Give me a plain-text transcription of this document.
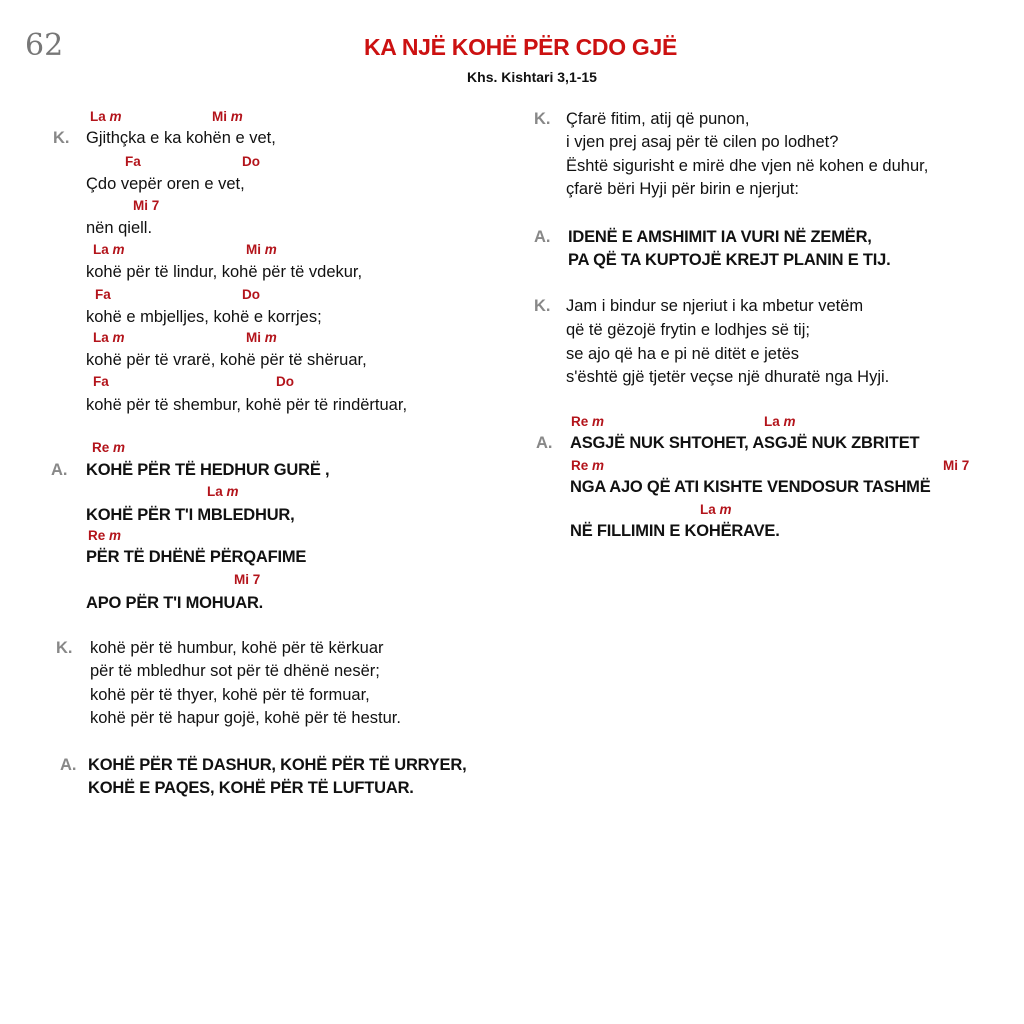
62	KA NJË KOHË PËR CDO GJË
Khs. Kishtari 3,1-15
La m	Mi m
K. Gjithçka e ka kohën e vet,
Fa	Do
Çdo vepër oren e vet,
Mi 7
nën qiell.
La m	Mi m
kohë për të lindur, kohë për të vdekur,
Fa	Do
kohë e mbjelljes, kohë e korrjes;
La m	Mi m
kohë për të vrarë, kohë për të shëruar,
Fa	Do
kohë për të shembur, kohë për të rindërtuar,
Re m
A. KOHË PËR TË HEDHUR GURË ,
La m
KOHË PËR T'I MBLEDHUR,
Re m
PËR TË DHËNË PËRQAFIME
Mi 7
APO PËR T'I MOHUAR.
K. kohë për të humbur, kohë për të kërkuar
për të mbledhur sot për të dhënë nesër;
kohë për të thyer, kohë për të formuar,
kohë për të hapur gojë, kohë për të hestur.
A. KOHË PËR TË DASHUR, KOHË PËR TË URRYER,
KOHË E PAQES, KOHË PËR TË LUFTUAR.
K. Çfarë fitim, atij që punon,
i vjen prej asaj për të cilen po lodhet?
Është sigurisht e mirë dhe vjen në kohen e duhur,
çfarë bëri Hyji për birin e njerjut:
A. IDENË E AMSHIMIT IA VURI NË ZEMËR,
PA QË TA KUPTOJË KREJT PLANIN E TIJ.
K. Jam i bindur se njeriut i ka mbetur vetëm
që të gëzojë frytin e lodhjes së tij;
se ajo që ha e pi në ditët e jetës
s'është gjë tjetër veçse një dhuratë nga Hyji.
Re m	La m
A. ASGJË NUK SHTOHET, ASGJË NUK ZBRITET
Re m	Mi 7
NGA AJO QË ATI KISHTE VENDOSUR TASHMË
La m
NË FILLIMIN E KOHËRAVE.
